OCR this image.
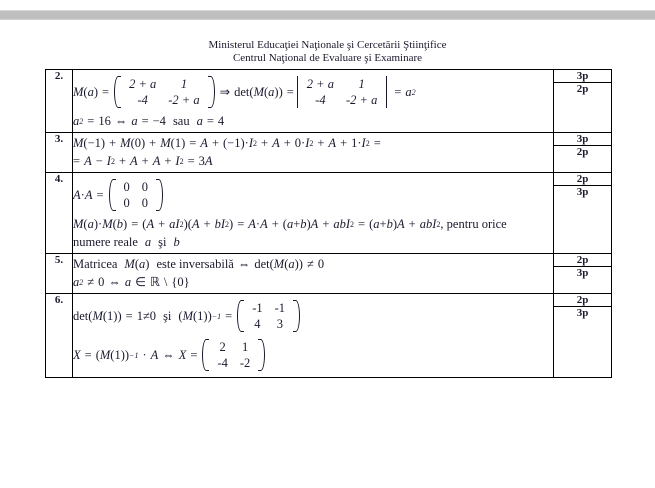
Ministerul Educaţiei Naţionale şi Cercetării Ştiinţifice
Centrul Naţional de Evaluare şi Examinare
2.	
M ( a ) =
2 + a	1
-4	-2 + a
⇒ det ( M ( a )) =
2 + a	1
-4	-2 + a
= a 2
a 2 = 16 ⇔ a = −4 sau a = 4

3p
2p

3.	M ( −1 ) + M ( 0 ) + M ( 1 ) = A + ( −1 ) · I 2 + A + 0· I 2 + A + 1· I 2 =
= A − I 2 + A + A + I 2 = 3 A

3p
2p

4.	
A · A =
0 0
0 0
M ( a ) · M ( b ) = ( A + aI 2 )( A + bI 2 ) = A · A + ( a + b ) A + abI 2 = ( a + b ) A + abI 2 , pentru orice
numere reale a şi b

2p
3p

5.	Matricea M ( a ) este inversabilă ⇔ det ( M ( a )) ≠ 0
a 2 ≠ 0 ⇔ a ∈ ℝ \ {0}

2p
3p

6.	
det ( M ( 1 )) = 1≠0 şi ( M ( 1 )) −1 =
-1 -1
4	3
X = ( M ( 1 )) −1 · A ⇔ X =
2	1
-4 -2

2p
3p
